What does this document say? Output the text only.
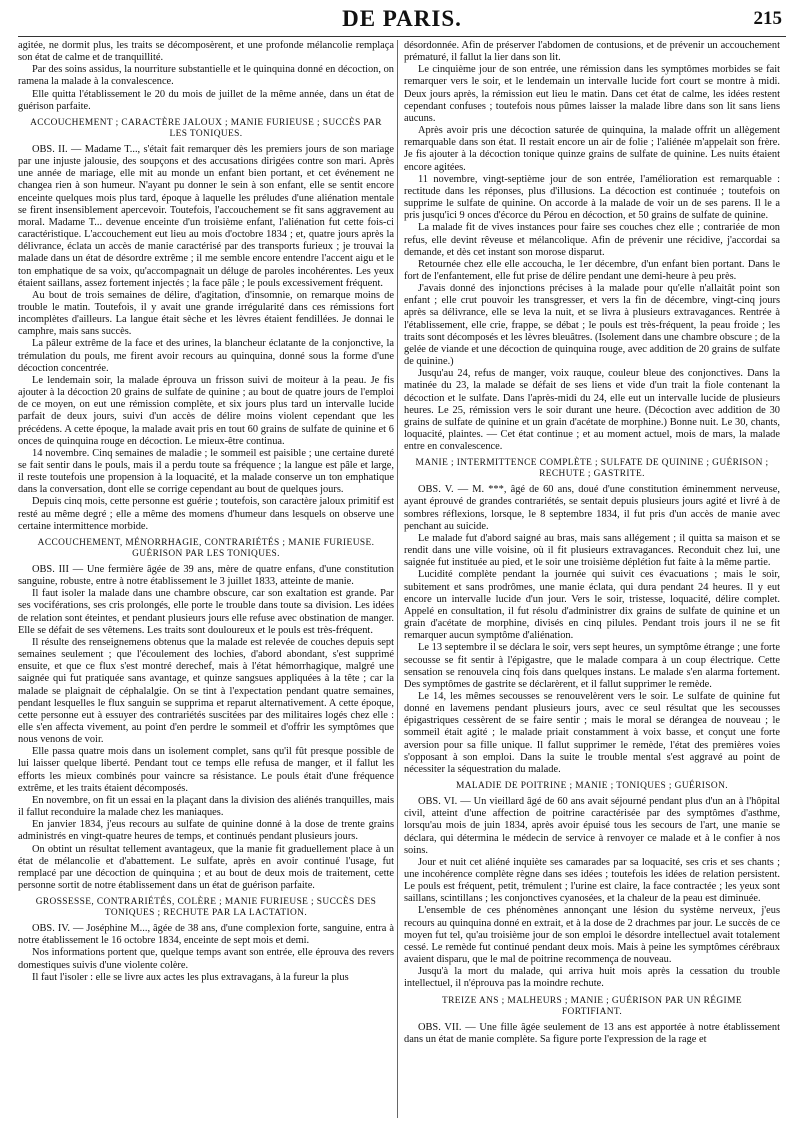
DE PARIS.	215

agitée, ne dormit plus, les traits se décomposèrent, et une profonde mélancolie remplaça son état de calme et de tranquillité.

Par des soins assidus, la nourriture substantielle et le quinquina donné en décoction, on ramena la malade à la convalescence.

Elle quitta l'établissement le 20 du mois de juillet de la même année, dans un état de guérison parfaite.

ACCOUCHEMENT ; CARACTÈRE JALOUX ; MANIE FURIEUSE ; SUCCÈS PAR LES TONIQUES.

OBS. II. — Madame T..., s'était fait remarquer dès les premiers jours de son mariage par une injuste jalousie, des soupçons et des accusations dirigées contre son mari. Après une année de mariage, elle mit au monde un enfant bien portant, et cet événement ne changea rien à son humeur. N'ayant pu donner le sein à son enfant, elle se sentit encore enceinte quelques mois plus tard, époque à laquelle les préludes d'une aliénation mentale se firent insensiblement apercevoir. Toutefois, l'accouchement se fit sans aggravement au moral. Madame T... devenue enceinte d'un troisième enfant, l'aliénation fut cette fois-ci caractéristique. L'accouchement eut lieu au mois d'octobre 1834 ; et, quatre jours après la délivrance, éclata un accès de manie caractérisé par des transports furieux ; je trouvai la malade dans un état de désordre extrême ; il me semble encore entendre l'accent aigu et le ton emphatique de sa voix, qu'accompagnait un déluge de paroles incohérentes. Les yeux étaient saillans, assez fortement injectés ; la face pâle ; le pouls excessivement fréquent.

Au bout de trois semaines de délire, d'agitation, d'insomnie, on remarque moins de trouble le matin. Toutefois, il y avait une grande irrégularité dans ces rémissions fort incomplètes d'ailleurs. La langue était sèche et les lèvres étaient fendillées. Je donnai le camphre, mais sans succès.

La pâleur extrême de la face et des urines, la blancheur éclatante de la conjonctive, la trémulation du pouls, me firent avoir recours au quinquina, donné sous la forme d'une décoction concentrée.

Le lendemain soir, la malade éprouva un frisson suivi de moiteur à la peau. Je fis ajouter à la décoction 20 grains de sulfate de quinine ; au bout de quatre jours de l'emploi de ce moyen, on eut une rémission complète, et six jours plus tard un intervalle lucide parfait de deux jours, suivi d'un accès de délire moins violent cependant que les précédens. A cette époque, la malade avait pris en tout 60 grains de sulfate de quinine et 6 onces de quinquina rouge en décoction. Le mieux-être continua.

14 novembre. Cinq semaines de maladie ; le sommeil est paisible ; une certaine dureté se fait sentir dans le pouls, mais il a perdu toute sa fréquence ; la langue est pâle et large, il reste toutefois une propension à la loquacité, et la malade conserve un ton emphatique dans la conversation, dont elle se corrige cependant au bout de quelques jours.

Depuis cinq mois, cette personne est guérie ; toutefois, son caractère jaloux primitif est resté au même degré ; elle a même des momens d'humeur dans lesquels on observe une certaine intermittence morbide.

ACCOUCHEMENT, MÉNORRHAGIE, CONTRARIÉTÉS ; MANIE FURIEUSE. GUÉRISON PAR LES TONIQUES.

OBS. III — Une fermière âgée de 39 ans, mère de quatre enfans, d'une constitution sanguine, robuste, entre à notre établissement le 3 juillet 1833, atteinte de manie.

Il faut isoler la malade dans une chambre obscure, car son exaltation est grande. Par ses vociférations, ses cris prolongés, elle porte le trouble dans toute sa division. Les idées de relation sont éteintes, et pendant plusieurs jours elle refuse avec obstination de manger. Elle se défait de ses vêtemens. Les traits sont douloureux et le pouls est très-fréquent.

Il résulte des renseignemens obtenus que la malade est relevée de couches depuis sept semaines seulement ; que l'écoulement des lochies, d'abord abondant, s'est supprimé ensuite, et que ce flux s'est montré derechef, mais à l'état hémorrhagique, malgré une saignée qui fut pratiquée sans avantage, et quinze sangsues appliquées à la tête ; car la malade se plaignait de céphalalgie. On se tint à l'expectation pendant quatre semaines, pendant lesquelles le flux sanguin se supprima et reparut alternativement. A cette époque, cette personne eut à essuyer des contrariétés suscitées par des militaires logés chez elle : elle s'en affecta vivement, au point d'en perdre le sommeil et d'offrir les symptômes que nous venons de voir.

Elle passa quatre mois dans un isolement complet, sans qu'il fût presque possible de lui laisser quelque liberté. Pendant tout ce temps elle refusa de manger, et il fallut les efforts les mieux combinés pour vaincre sa résistance. Le pouls était d'une fréquence extrême, et les traits étaient décomposés.

En novembre, on fit un essai en la plaçant dans la division des aliénés tranquilles, mais il fallut reconduire la malade chez les maniaques.

En janvier 1834, j'eus recours au sulfate de quinine donné à la dose de trente grains administrés en vingt-quatre heures de temps, et continués pendant plusieurs jours.

On obtint un résultat tellement avantageux, que la manie fit graduellement place à un état de mélancolie et d'abattement. Le sulfate, après en avoir continué l'usage, fut remplacé par une décoction de quinquina ; et au bout de deux mois de traitement, cette personne sortit de notre établissement dans un état de guérison parfaite.

GROSSESSE, CONTRARIÉTÉS, COLÈRE ; MANIE FURIEUSE ; SUCCÈS DES TONIQUES ; RECHUTE PAR LA LACTATION.

OBS. IV. — Joséphine M..., âgée de 38 ans, d'une complexion forte, sanguine, entra à notre établissement le 16 octobre 1834, enceinte de sept mois et demi.

Nos informations portent que, quelque temps avant son entrée, elle éprouva des revers domestiques suivis d'une violente colère.

Il faut l'isoler : elle se livre aux actes les plus extravagans, à la fureur la plus

désordonnée. Afin de préserver l'abdomen de contusions, et de prévenir un accouchement prématuré, il fallut la lier dans son lit.

Le cinquième jour de son entrée, une rémission dans les symptômes morbides se fait remarquer vers le soir, et le lendemain un intervalle lucide fort court se montre à midi. Deux jours après, la rémission eut lieu le matin. Dans cet état de calme, les idées restent cependant confuses ; toutefois nous pûmes laisser la malade libre dans son lit sans liens aucuns.

Après avoir pris une décoction saturée de quinquina, la malade offrit un allègement remarquable dans son état. Il restait encore un air de folie ; l'aliénée m'appelait son frère. Je fis ajouter à la décoction tonique quinze grains de sulfate de quinine. Les nuits étaient encore agitées.

11 novembre, vingt-septième jour de son entrée, l'amélioration est remarquable : rectitude dans les réponses, plus d'illusions. La décoction est continuée ; toutefois on supprime le sulfate de quinine. On accorde à la malade de voir un de ses parens. Il le a pris jusqu'ici 9 onces d'écorce du Pérou en décoction, et 50 grains de sulfate de quinine.

La malade fit de vives instances pour faire ses couches chez elle ; contrariée de mon refus, elle devint rêveuse et mélancolique. Afin de prévenir une récidive, j'accordai sa demande, et dès cet instant son morose disparut.

Retournée chez elle elle accoucha, le 1er décembre, d'un enfant bien portant. Dans le fort de l'enfantement, elle fut prise de délire pendant une demi-heure à peu près.

J'avais donné des injonctions précises à la malade pour qu'elle n'allaitât point son enfant ; elle crut pouvoir les transgresser, et vers la fin de décembre, vingt-cinq jours après sa délivrance, elle se leva la nuit, et se livra à plusieurs extravagances. Rentrée à l'établissement, elle crie, frappe, se débat ; le pouls est très-fréquent, la peau froide ; les traits sont décomposés et les lèvres bleuâtres. (Isolement dans une chambre obscure ; de la gelée de viande et une décoction de quinquina rouge, avec addition de 20 grains de sulfate de quinine.)

Jusqu'au 24, refus de manger, voix rauque, couleur bleue des conjonctives. Dans la matinée du 23, la malade se défait de ses liens et vide d'un trait la fiole contenant la décoction et le sulfate. Dans l'après-midi du 24, elle eut un intervalle lucide de plusieurs heures. Le 25, rémission vers le soir durant une heure. (Décoction avec addition de 30 grains de sulfate de quinine et un grain d'acétate de morphine.) Bonne nuit. Le 30, chants, loquacité, plaintes. — Cet état continue ; et au moment actuel, mois de mars, la malade entre en convalescence.

MANIE ; INTERMITTENCE COMPLÈTE ; SULFATE DE QUININE ; GUÉRISON ; RECHUTE ; GASTRITE.

OBS. V. — M. ***, âgé de 60 ans, doué d'une constitution éminemment nerveuse, ayant éprouvé de grandes contrariétés, se sentait depuis plusieurs jours agité et livré à de sombres réflexions, lorsque, le 8 septembre 1834, il fut pris d'un accès de manie avec penchant au suicide.

Le malade fut d'abord saigné au bras, mais sans allégement ; il quitta sa maison et se rendit dans une ville voisine, où il fit plusieurs extravagances. Reconduit chez lui, une saignée fut instituée au pied, et le soir une troisième déplétion fut faite à la même partie.

Lucidité complète pendant la journée qui suivit ces évacuations ; mais le soir, subitement et sans prodrômes, une manie éclata, qui dura pendant 24 heures. Il y eut encore un intervalle lucide d'un jour. Vers le soir, tristesse, loquacité, délire complet. Appelé en consultation, il fut résolu d'administrer dix grains de sulfate de quinine et un grain d'acétate de morphine, divisés en cinq pilules. Pendant trois jours il ne se fit remarquer aucun symptôme d'aliénation.

Le 13 septembre il se déclara le soir, vers sept heures, un symptôme étrange ; une forte secousse se fit sentir à l'épigastre, que le malade compara à un coup électrique. Cette sensation se renouvela cinq fois dans quelques instans. Le malade s'en alarma fortement. Des symptômes de gastrite se déclarèrent, et il fallut supprimer le remède.

Le 14, les mêmes secousses se renouvelèrent vers le soir. Le sulfate de quinine fut donné en lavemens pendant plusieurs jours, avec ce seul résultat que les secousses épigastriques cessèrent de se faire sentir ; mais le moral se dérangea de nouveau ; le sommeil était agité ; le malade priait constamment à voix basse, et conçut une forte aversion pour sa fille unique. Il fallut supprimer le remède, l'état des premières voies s'opposant à son emploi. Dans la suite le trouble mental s'est aggravé au point de nécessiter la séquestration du malade.

MALADIE DE POITRINE ; MANIE ; TONIQUES ; GUÉRISON.

OBS. VI. — Un vieillard âgé de 60 ans avait séjourné pendant plus d'un an à l'hôpital civil, atteint d'une affection de poitrine caractérisée par des symptômes d'asthme, lorsqu'au mois de juin 1834, après avoir épuisé tous les secours de l'art, une manie se déclara, qui détermina le médecin de service à renvoyer ce malade et à le confier à nos soins.

Jour et nuit cet aliéné inquiète ses camarades par sa loquacité, ses cris et ses chants ; une incohérence complète règne dans ses idées ; toutefois les idées de relation persistent. Le pouls est fréquent, petit, trémulent ; l'urine est claire, la face contractée ; les yeux sont saillans, scintillans ; les conjonctives cyanosées, et la chaleur de la peau est diminuée.

L'ensemble de ces phénomènes annonçant une lésion du système nerveux, j'eus recours au quinquina donné en extrait, et à la dose de 2 drachmes par jour. Le succès de ce moyen fut tel, qu'au troisième jour de son emploi le désordre intellectuel avait totalement cessé. Le remède fut continué pendant deux mois. Mais à peine les symptômes cérébraux avaient disparu, que le mal de poitrine recommença de nouveau.

Jusqu'à la mort du malade, qui arriva huit mois après la cessation du trouble intellectuel, il n'éprouva pas la moindre rechute.

TREIZE ANS ; MALHEURS ; MANIE ; GUÉRISON PAR UN RÉGIME FORTIFIANT.

OBS. VII. — Une fille âgée seulement de 13 ans est apportée à notre établissement dans un état de manie complète. Sa figure porte l'expression de la rage et
